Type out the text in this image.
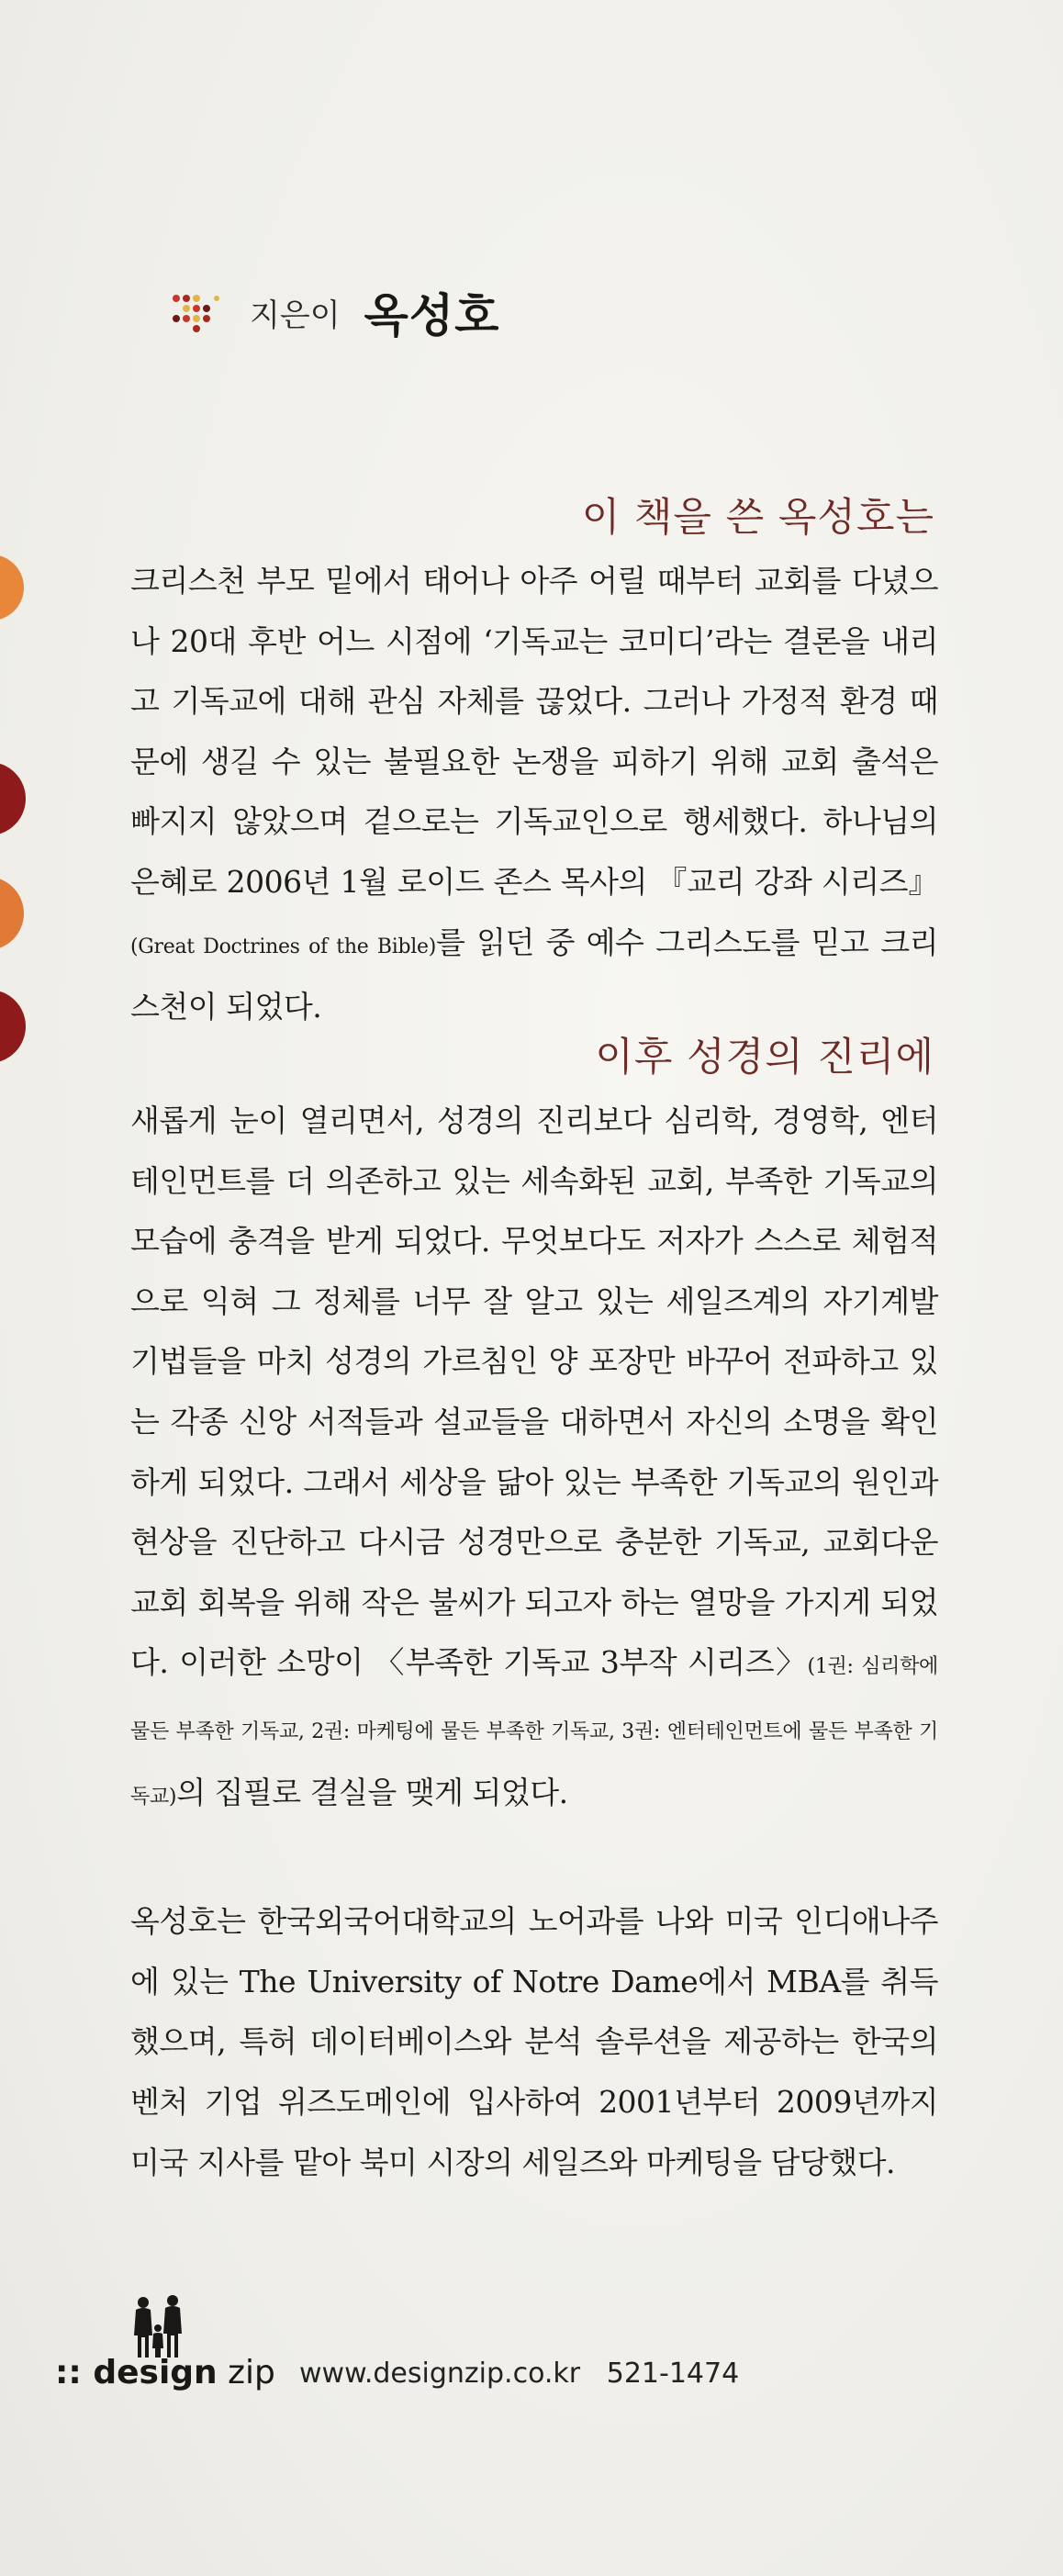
지은이 옥성호
이 책을 쓴 옥성호는

크리스천 부모 밑에서 태어나 아주 어릴 때부터 교회를 다녔으나 20대 후반 어느 시점에 ‘기독교는 코미디’라는 결론을 내리고 기독교에 대해 관심 자체를 끊었다. 그러나 가정적 환경 때문에 생길 수 있는 불필요한 논쟁을 피하기 위해 교회 출석은 빠지지 않았으며 겉으로는 기독교인으로 행세했다. 하나님의 은혜로 2006년 1월 로이드 존스 목사의 『교리 강좌 시리즈』(Great Doctrines of the Bible)를 읽던 중 예수 그리스도를 믿고 크리스천이 되었다.

이후 성경의 진리에

새롭게 눈이 열리면서, 성경의 진리보다 심리학, 경영학, 엔터테인먼트를 더 의존하고 있는 세속화된 교회, 부족한 기독교의 모습에 충격을 받게 되었다. 무엇보다도 저자가 스스로 체험적으로 익혀 그 정체를 너무 잘 알고 있는 세일즈계의 자기계발 기법들을 마치 성경의 가르침인 양 포장만 바꾸어 전파하고 있는 각종 신앙 서적들과 설교들을 대하면서 자신의 소명을 확인하게 되었다. 그래서 세상을 닮아 있는 부족한 기독교의 원인과 현상을 진단하고 다시금 성경만으로 충분한 기독교, 교회다운 교회 회복을 위해 작은 불씨가 되고자 하는 열망을 가지게 되었다. 이러한 소망이 〈부족한 기독교 3부작 시리즈〉(1권: 심리학에 물든 부족한 기독교, 2권: 마케팅에 물든 부족한 기독교, 3권: 엔터테인먼트에 물든 부족한 기독교)의 집필로 결실을 맺게 되었다.

옥성호는 한국외국어대학교의 노어과를 나와 미국 인디애나주에 있는 The University of Notre Dame에서 MBA를 취득했으며, 특허 데이터베이스와 분석 솔루션을 제공하는 한국의 벤처 기업 위즈도메인에 입사하여 2001년부터 2009년까지 미국 지사를 맡아 북미 시장의 세일즈와 마케팅을 담당했다.

:: design zip www.designzip.co.kr 521-1474
